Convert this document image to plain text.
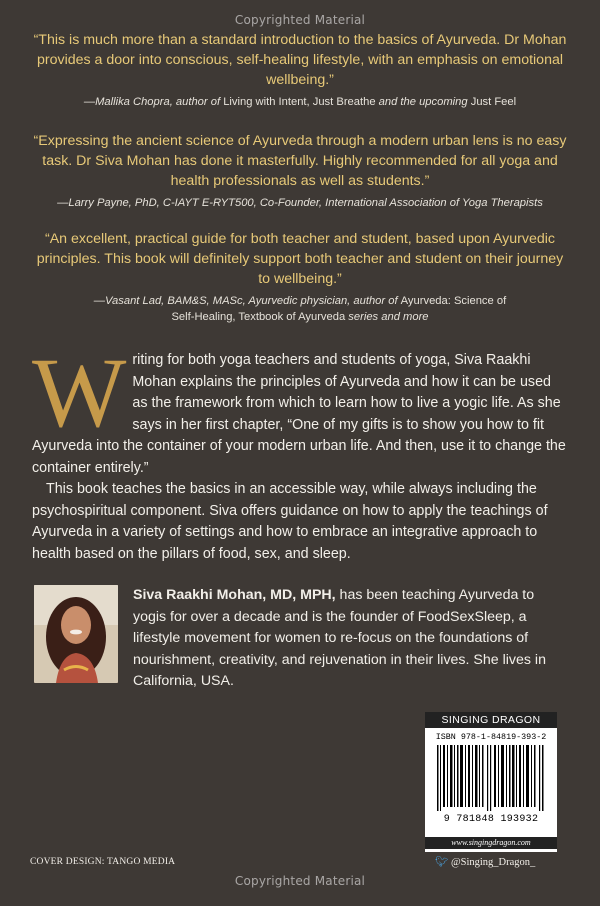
Copyrighted Material

“This is much more than a standard introduction to the basics of Ayurveda. Dr Mohan provides a door into conscious, self-healing lifestyle, with an emphasis on emotional wellbeing.”

—Mallika Chopra, author of Living with Intent, Just Breathe and the upcoming Just Feel

“Expressing the ancient science of Ayurveda through a modern urban lens is no easy task. Dr Siva Mohan has done it masterfully. Highly recommended for all yoga and health professionals as well as students.”

—Larry Payne, PhD, C-IAYT E-RYT500, Co-Founder, International Association of Yoga Therapists

“An excellent, practical guide for both teacher and student, based upon Ayurvedic principles. This book will definitely support both teacher and student on their journey to wellbeing.”

—Vasant Lad, BAM&S, MASc, Ayurvedic physician, author of Ayurveda: Science of
Self-Healing, Textbook of Ayurveda series and more

W riting for both yoga teachers and students of yoga, Siva Raakhi Mohan explains the principles of Ayurveda and how it can be used as the framework from which to learn how to live a yogic life. As she says in her first chapter, “One of my gifts is to show you how to fit Ayurveda into the container of your modern urban life. And then, use it to change the container entirely.”

This book teaches the basics in an accessible way, while always including the psychospiritual component. Siva offers guidance on how to apply the teachings of Ayurveda in a variety of settings and how to embrace an integrative approach to health based on the pillars of food, sex, and sleep.

Siva Raakhi Mohan, MD, MPH, has been teaching Ayurveda to yogis for over a decade and is the founder of FoodSexSleep, a lifestyle movement for women to re-focus on the foundations of nourishment, creativity, and rejuvenation in their lives. She lives in California, USA.

SINGING DRAGON
ISBN 978-1-84819-393-2
9 781848 193932
www.singingdragon.com
🐦︎ @Singing_Dragon_
COVER DESIGN: TANGO MEDIA
Copyrighted Material
